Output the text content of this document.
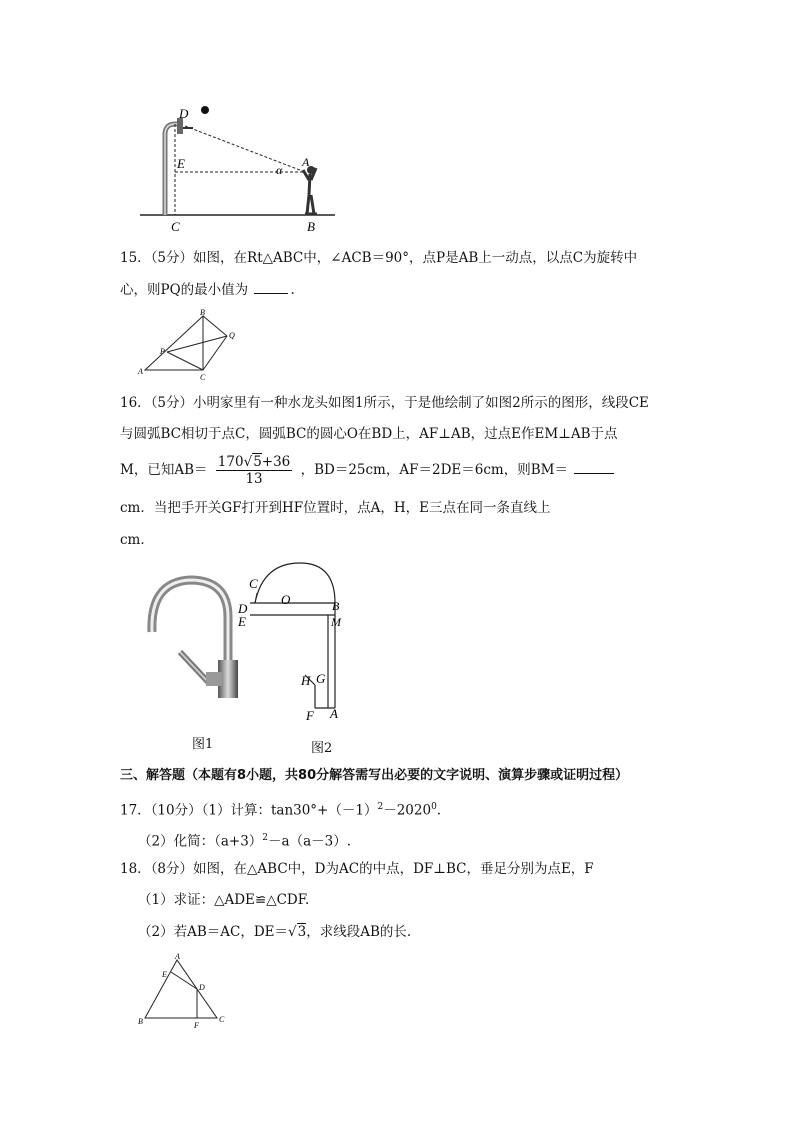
D
E
C	B
A
α
15．（5分）如图，在Rt△ABC中，∠ACB＝90°，点P是AB上一动点，以点C为旋转中
心，则PQ的最小值为	.
B
Q
P
A
C
16．（5分）小明家里有一种水龙头如图1所示，于是他绘制了如图2所示的图形，线段CE
与圆弧BC相切于点C，圆弧BC的圆心O在BD上，AF⊥AB，过点E作EM⊥AB于点
M，已知$AB= \frac{170√5+36}{13}$ ，BD＝25cm，AF＝2DE＝6cm，则BM＝
cm．当把手开关GF打开到HF位置时，点A，H，E三点在同一条直线上
cm．
图1
C
O
D	B
E	M
H G
F A
图2
三、解答题（本题有8小题，共80分解答需写出必要的文字说明、演算步骤或证明过程）
17．（10分）（1）计算：$\tan 30^\circ+(-1)^2-2020^0$.
（2）化简：$(a+3)^2-a(a-3)$.
18．（8分）如图，在△ABC中，D为AC的中点，DF⊥BC，垂足分别为点E，F
（1）求证：△ADE≌△CDF.
（2）若AB＝AC，DE＝√3，求线段AB的长.
A
E
D
B	F
C
